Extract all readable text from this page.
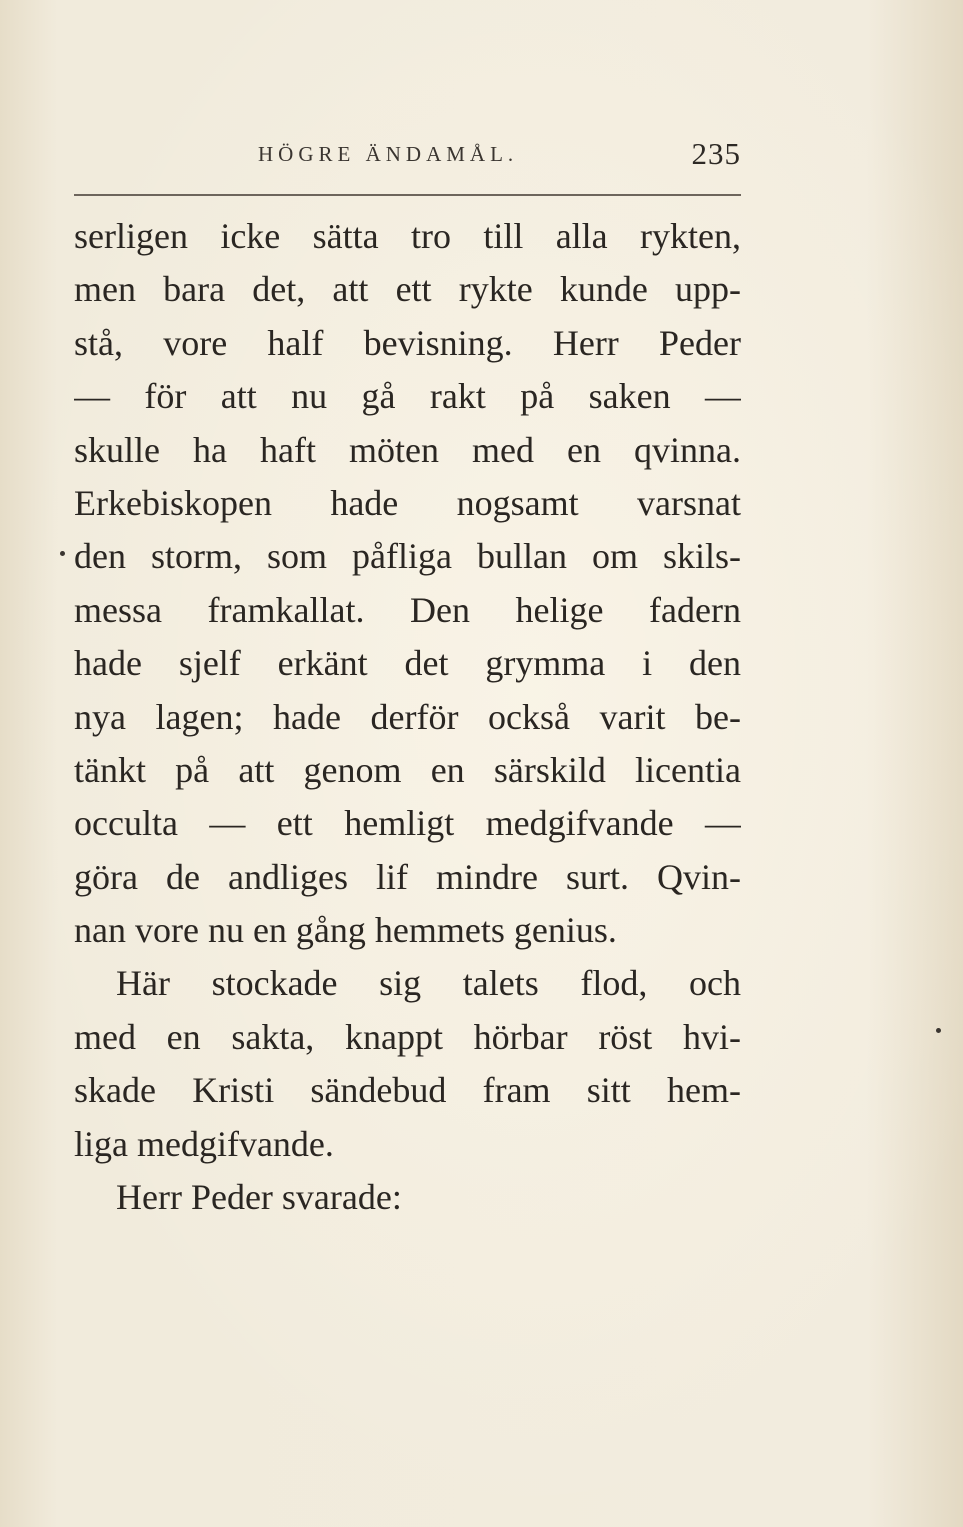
HÖGRE ÄNDAMÅL.	235
serligen icke sätta tro till alla rykten,
men bara det, att ett rykte kunde upp-
stå, vore half bevisning. Herr Peder
— för att nu gå rakt på saken —
skulle ha haft möten med en qvinna.
Erkebiskopen hade nogsamt varsnat
den storm, som påfliga bullan om skils-
messa framkallat. Den helige fadern
hade sjelf erkänt det grymma i den
nya lagen; hade derför också varit be-
tänkt på att genom en särskild licentia
occulta — ett hemligt medgifvande —
göra de andliges lif mindre surt. Qvin-
nan vore nu en gång hemmets genius.
Här stockade sig talets flod, och
med en sakta, knappt hörbar röst hvi-
skade Kristi sändebud fram sitt hem-
liga medgifvande.
Herr Peder svarade:
